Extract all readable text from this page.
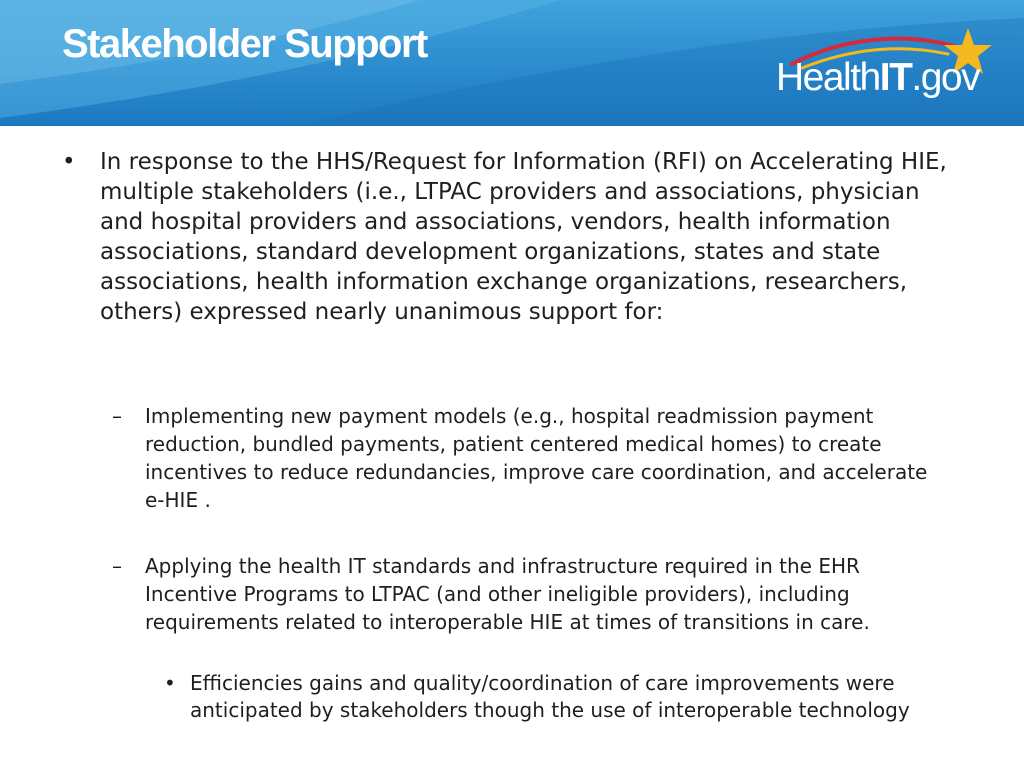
Stakeholder Support
HealthIT.gov
• In response to the HHS/Request for Information (RFI) on Accelerating HIE, multiple stakeholders (i.e., LTPAC providers and associations, physician and hospital providers and associations, vendors, health information associations, standard development organizations, states and state associations, health information exchange organizations, researchers, others) expressed nearly unanimous support for:
– Implementing new payment models (e.g., hospital readmission payment reduction, bundled payments, patient centered medical homes) to create incentives to reduce redundancies, improve care coordination, and accelerate e-HIE .
– Applying the health IT standards and infrastructure required in the EHR Incentive Programs to LTPAC (and other ineligible providers), including requirements related to interoperable HIE at times of transitions in care.
• Efficiencies gains and quality/coordination of care improvements were anticipated by stakeholders though the use of interoperable technology
